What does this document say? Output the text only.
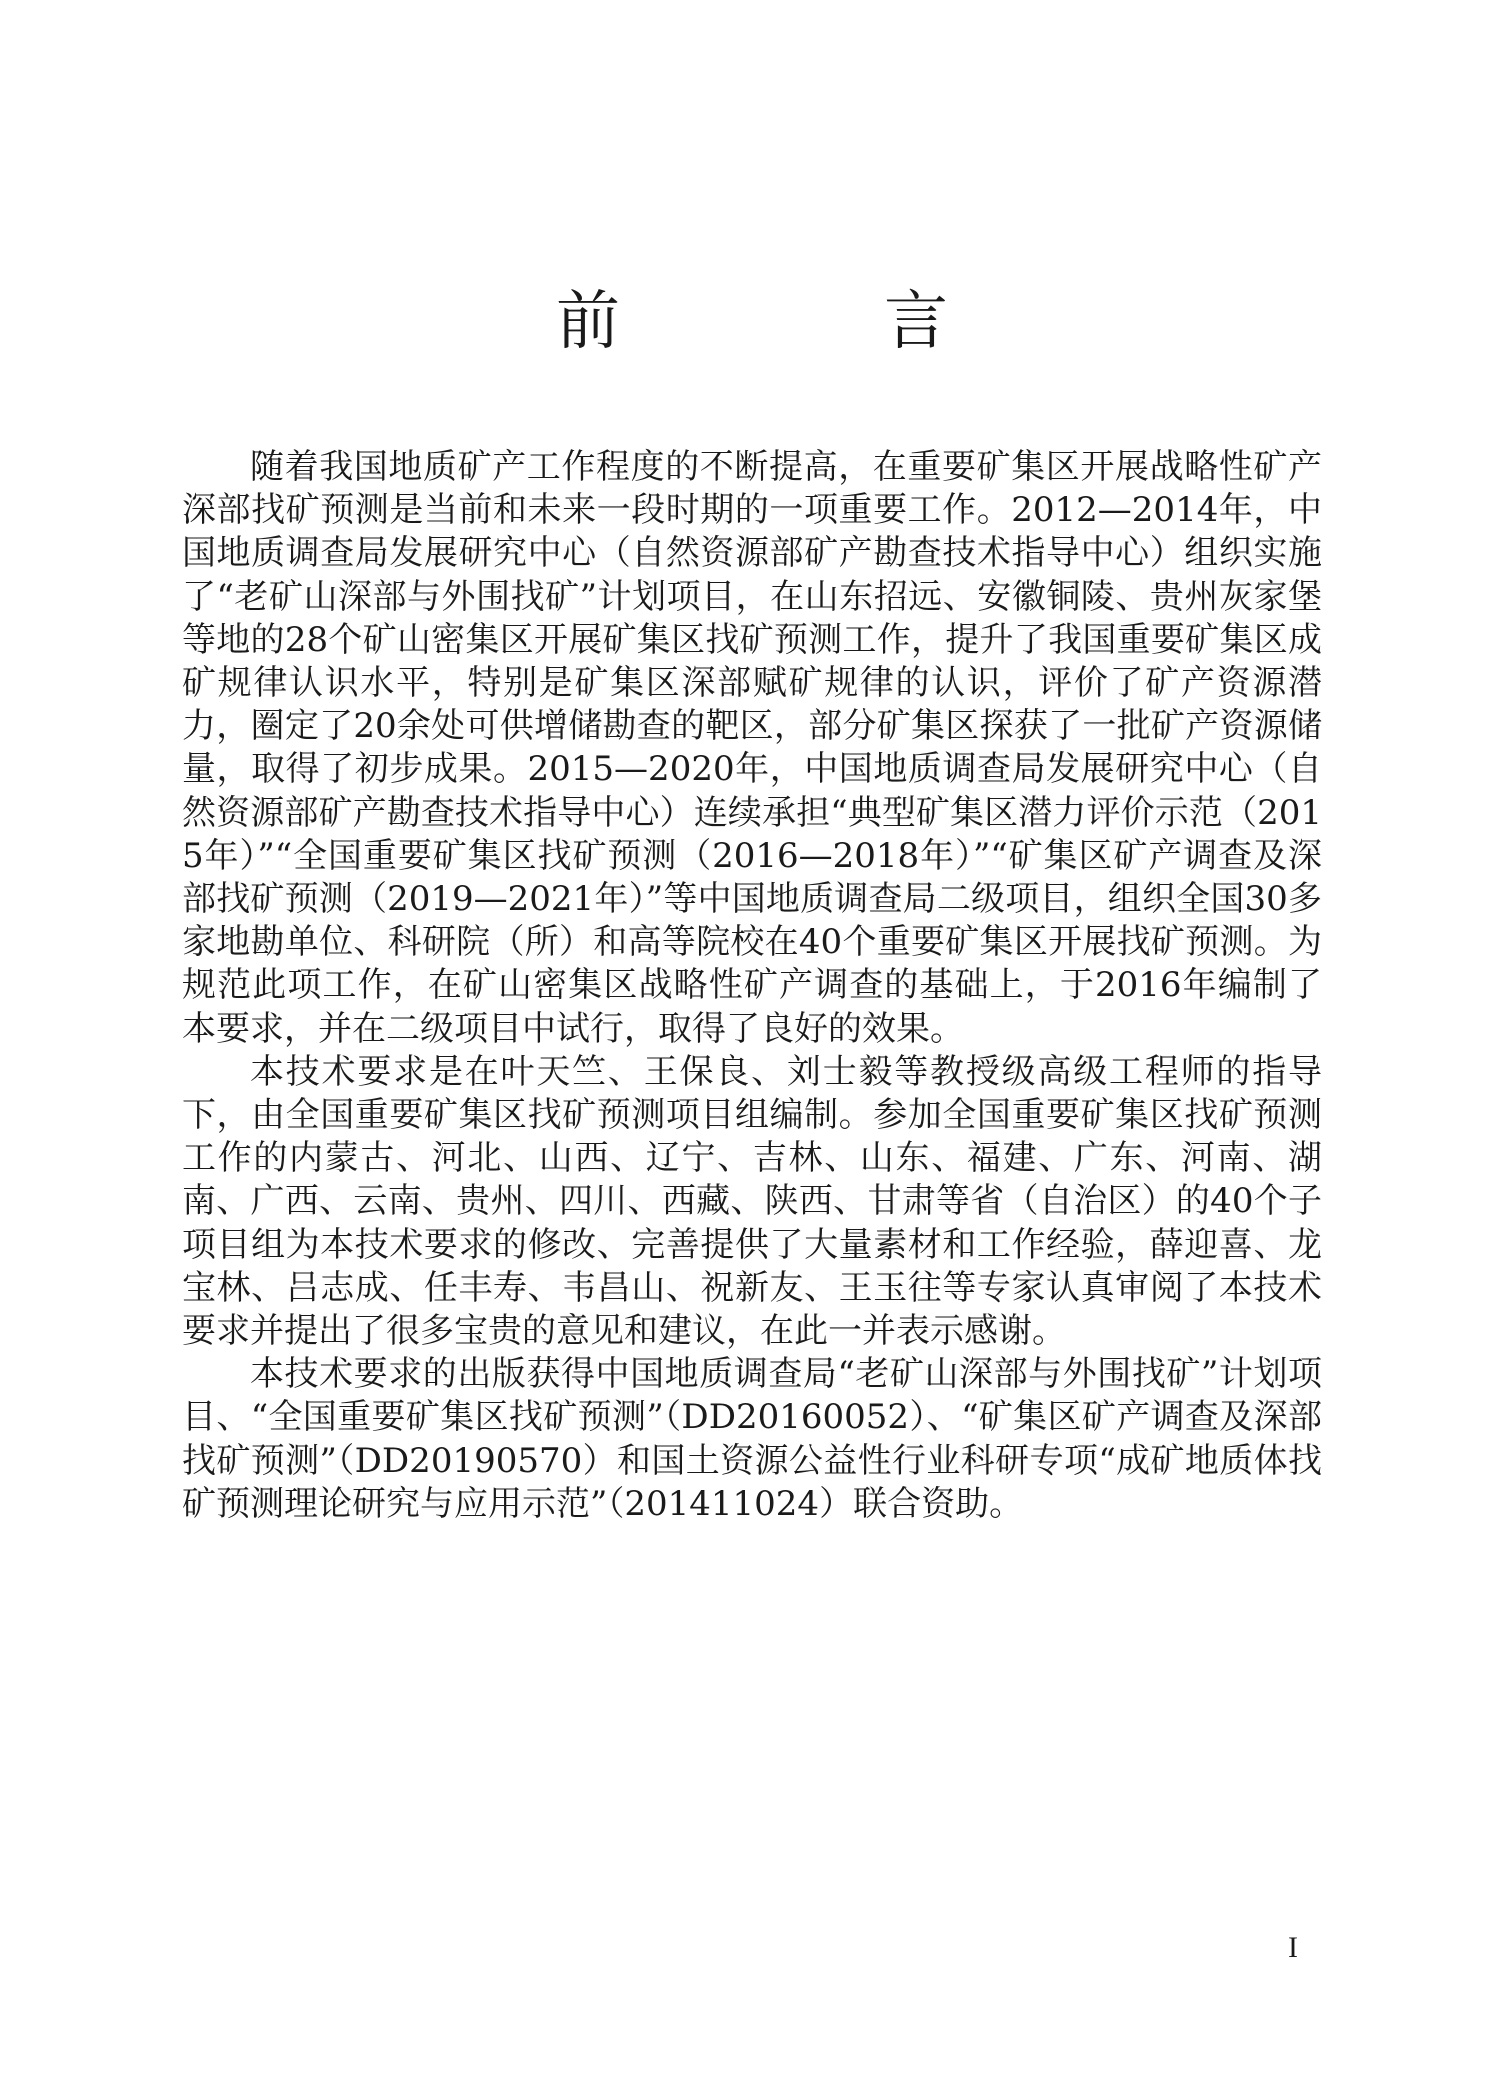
前　言

随着我国地质矿产工作程度的不断提高，在重要矿集区开展战略性矿产深部找矿预测是当前和未来一段时期的一项重要工作。2012—2014年，中国地质调查局发展研究中心（自然资源部矿产勘查技术指导中心）组织实施了“老矿山深部与外围找矿”计划项目，在山东招远、安徽铜陵、贵州灰家堡等地的28个矿山密集区开展矿集区找矿预测工作，提升了我国重要矿集区成矿规律认识水平，特别是矿集区深部赋矿规律的认识，评价了矿产资源潜力，圈定了20余处可供增储勘查的靶区，部分矿集区探获了一批矿产资源储量，取得了初步成果。2015—2020年，中国地质调查局发展研究中心（自然资源部矿产勘查技术指导中心）连续承担“典型矿集区潜力评价示范（2015年）”“全国重要矿集区找矿预测（2016—2018年）”“矿集区矿产调查及深部找矿预测（2019—2021年）”等中国地质调查局二级项目，组织全国30多家地勘单位、科研院（所）和高等院校在40个重要矿集区开展找矿预测。为规范此项工作，在矿山密集区战略性矿产调查的基础上，于2016年编制了本要求，并在二级项目中试行，取得了良好的效果。

本技术要求是在叶天竺、王保良、刘士毅等教授级高级工程师的指导下，由全国重要矿集区找矿预测项目组编制。参加全国重要矿集区找矿预测工作的内蒙古、河北、山西、辽宁、吉林、山东、福建、广东、河南、湖南、广西、云南、贵州、四川、西藏、陕西、甘肃等省（自治区）的40个子项目组为本技术要求的修改、完善提供了大量素材和工作经验，薛迎喜、龙宝林、吕志成、任丰寿、韦昌山、祝新友、王玉往等专家认真审阅了本技术要求并提出了很多宝贵的意见和建议，在此一并表示感谢。

本技术要求的出版获得中国地质调查局“老矿山深部与外围找矿”计划项目、“全国重要矿集区找矿预测”（DD20160052）、“矿集区矿产调查及深部找矿预测”（DD20190570）和国土资源公益性行业科研专项“成矿地质体找矿预测理论研究与应用示范”（201411024）联合资助。

I
